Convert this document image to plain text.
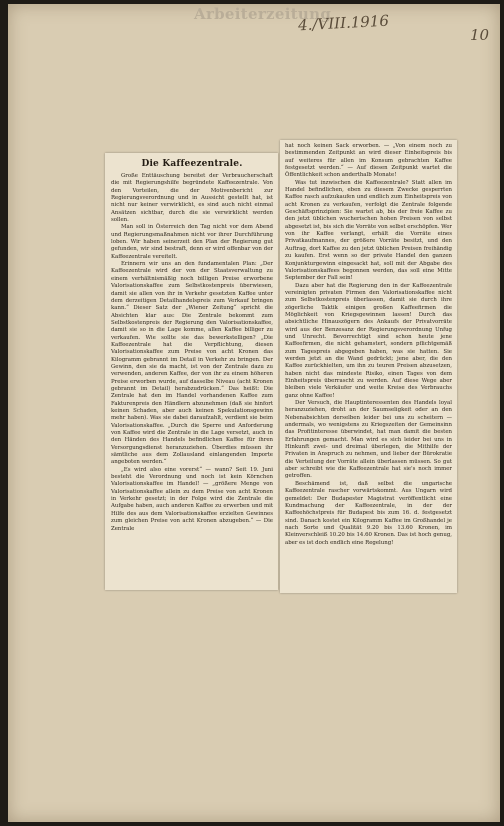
Arbeiterzeitung
4./VIII.1916
10
Die Kaffeezentrale.

Große Enttäuschung bereitet der Verbraucherschaft die mit Regierungshilfe begründete Kaffeezentrale. Von den Vorteilen, die der Motivenbericht zur Regierungsverordnung und in Aussicht gestellt hat, ist nicht nur keiner verwirklicht, es sind auch nicht einmal Ansätzen sichtbar, durch die sie verwirklicht werden sollen.

Man soll in Österreich den Tag nicht vor dem Abend und Regierungsmaßnahmen nicht vor ihrer Durchführung loben. Wir haben seinerzeit den Plan der Regierung gut gefunden, wir sind bestraft, denn er wird offenbar von der Kaffeezentrale vereitelt.

Erinnern wir uns an den fundamentalen Plan: „Der Kaffeezentrale wird der von der Staatsverwaltung zu einem verhältnismäßig noch billigen Preise erworbene Valorisationskaffee zum Selbstkostenpreis überwiesen, damit sie allen von ihr in Verkehr gesetzten Kaffee unter dem derzeitigen Detailhandelspreis zum Verkauf bringen kann.“ Dieser Satz der „Wiener Zeitung“ spricht die Absichten klar aus: Die Zentrale bekommt zum Selbstkostenpreis der Regierung den Valorisationskaffee, damit sie so in die Lage komme, allen Kaffee billiger zu verkaufen. Wie sollte sie das bewerkstelligen? „Die Kaffeezentrale hat die Verpflichtung, diesen Valorisationskaffee zum Preise von acht Kronen das Kilogramm gebrannt im Detail in Verkehr zu bringen. Der Gewinn, den sie da macht, ist von der Zentrale dazu zu verwenden, anderen Kaffee, der von ihr zu einem höheren Preise erworben wurde, auf dasselbe Niveau (acht Kronen gebrannt im Detail) herabzudrücken.“ Das heißt: Die Zentrale hat den im Handel vorhandenen Kaffee zum Fakturenpreis den Händlern abzunehmen (daß sie hinfort keinen Schaden, aber auch keinen Spekulationsgewinn mehr haben). Was sie dabei daraufzahlt, verdient sie beim Valorisationskaffee. „Durch die Sperre und Anforderung von Kaffee wird die Zentrale in die Lage versetzt, auch in den Händen des Handels befindlichen Kaffee für ihren Versorgungsdienst heranzuziehen. Überdies müssen ihr sämtliche aus dem Zollausland einlangenden Importe angeboten werden.“

„Es wird also eine vorerst“ — wann? Seit 19. Juni besteht die Verordnung und noch ist kein Körnchen Valorisationskaffee im Handel! — „größere Menge von Valorisationskaffee allein zu dem Preise von acht Kronen in Verkehr gesetzt; in der Folge wird die Zentrale die Aufgabe haben, auch anderen Kaffee zu erwerben und mit Hilfe des aus dem Valorisationskaffee erzielten Gewinnes zum gleichen Preise von acht Kronen abzugeben.“ — Die Zentrale

hat noch keinen Sack erworben. — „Von einem noch zu bestimmenden Zeitpunkt an wird dieser Einheitspreis bis auf weiteres für allen im Konsum gebrachten Kaffee festgesetzt werden.“ — Auf diesen Zeitpunkt wartet die Öffentlichkeit schon anderthalb Monate!

Was tut inzwischen die Kaffeezentrale? Statt allen im Handel befindlichen, eben zu diesem Zwecke gesperrten Kaffee rasch aufzukaufen und endlich zum Einheitspreis von acht Kronen zu verkaufen, verfolgt die Zentrale folgende Geschäftsprinzipien: Sie wartet ab, bis der freie Kaffee zu den jetzt üblichen wucherischen hohen Preisen von selbst abgesetzt ist, bis sich die Vorräte von selbst erschöpfen. Wer von ihr Kaffee verlangt, erhält die Vorräte eines Privatkaufmannes, der größere Vorräte besitzt, und den Auftrag, dort Kaffee zu den jetzt üblichen Preisen freihändig zu kaufen. Erst wenn so der private Handel den ganzen Konjunkturgewinn eingesackt hat, soll mit der Abgabe des Valorisationskaffees begonnen werden, das soll eine Mitte September der Fall sein!

Dazu aber hat die Regierung den in der Kaffeezentrale vereinigten privaten Firmen den Valorisationskaffee nicht zum Selbstkostenpreis überlassen, damit sie durch ihre zögerliche Taktik einigen großen Kaffeefirmen die Möglichkeit von Kriegsgewinnen lassen! Durch das absichtliche Hinauszögern des Ankaufs der Privatvorräte wird aus der Benzesanz der Regierungsverordnung Unfug und Unrecht. Bevorrechtigt sind schon heute jene Kaffeefirmen, die nicht gehamstert, sondern pflichtgemäß zum Tagespreis abgegeben haben, was sie hatten. Sie werden jetzt an die Wand gedrückt; jene aber, die den Kaffee zurückhielten, um ihn zu teuren Preisen abzusetzen, haben nicht das mindeste Risiko, einen Tages von dem Einheitspreis überrascht zu werden. Auf diese Wege aber bleiben viele Verkäufer und weite Kreise des Verbrauchs ganz ohne Kaffee!

Der Versuch, die Hauptinteressenten des Handels loyal heranzuziehen, droht an der Saumseligkeit oder an den Nebenabsichten derselben leider bei uns zu scheitern — andermals, wo wenigstens zu Kriegszeiten der Gemeinsinn das Profitinteresse überwindet, hat man damit die besten Erfahrungen gemacht. Man wird es sich leider bei uns in Hinkunft zwei- und dreimal überlegen, die Mithilfe der Privaten in Anspruch zu nehmen, und lieber der Bürokratie die Verteilung der Vorräte allein überlassen müssen. So gut aber schreibt wie die Kaffeezentrale hat sie's noch immer getroffen.

Beschämend ist, daß selbst die ungarische Kaffeezentrale rascher vorwärtskommt. Aus Ungarn wird gemeldet: Der Budapester Magistrat veröffentlicht eine Kundmachung der Kaffeezentrale, in der der Kaffeehöchstpreis für Budapest bis zum 16. d. festgesetzt sind. Danach kostet ein Kilogramm Kaffee im Großhandel je nach Sorte und Qualität 9.20 bis 13.60 Kronen, im Kleinverschleiß 10.20 bis 14.60 Kronen. Das ist hoch genug, aber es ist doch endlich eine Regelung!
